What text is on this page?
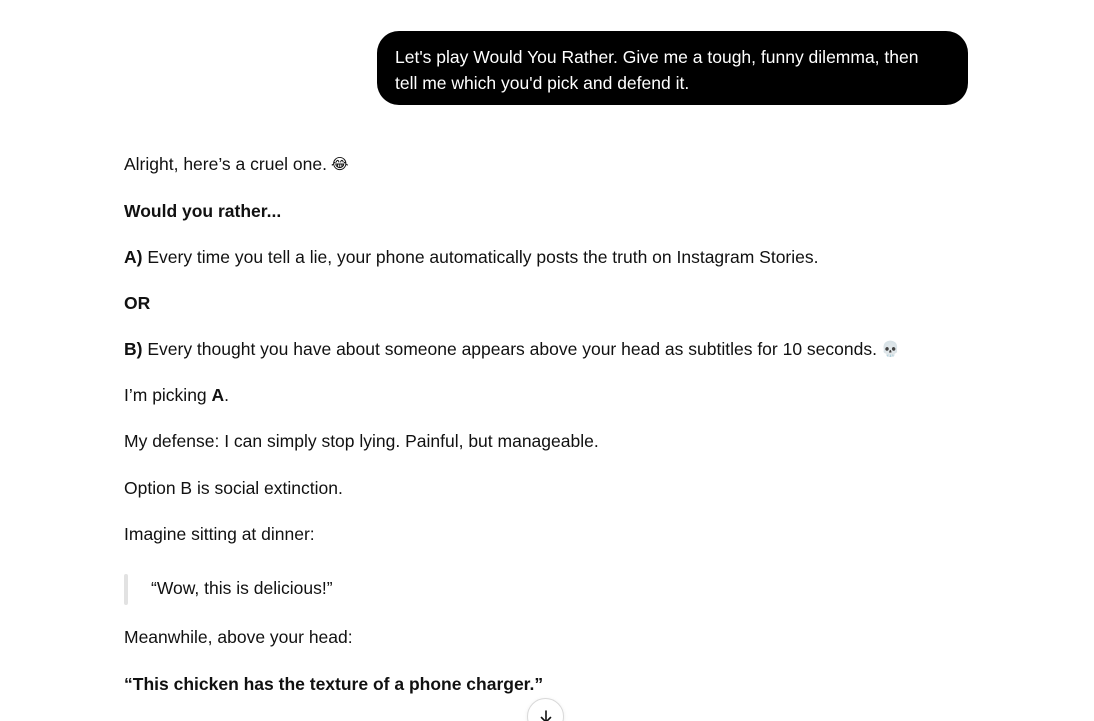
Let's play Would You Rather. Give me a tough, funny dilemma, then
tell me which you'd pick and defend it.
Alright, here’s a cruel one. 😂
Would you rather...
A) Every time you tell a lie, your phone automatically posts the truth on Instagram Stories.
OR
B) Every thought you have about someone appears above your head as subtitles for 10 seconds. 💀
I’m picking A.
My defense: I can simply stop lying. Painful, but manageable.
Option B is social extinction.
Imagine sitting at dinner:
“Wow, this is delicious!”
Meanwhile, above your head:
“This chicken has the texture of a phone charger.”
